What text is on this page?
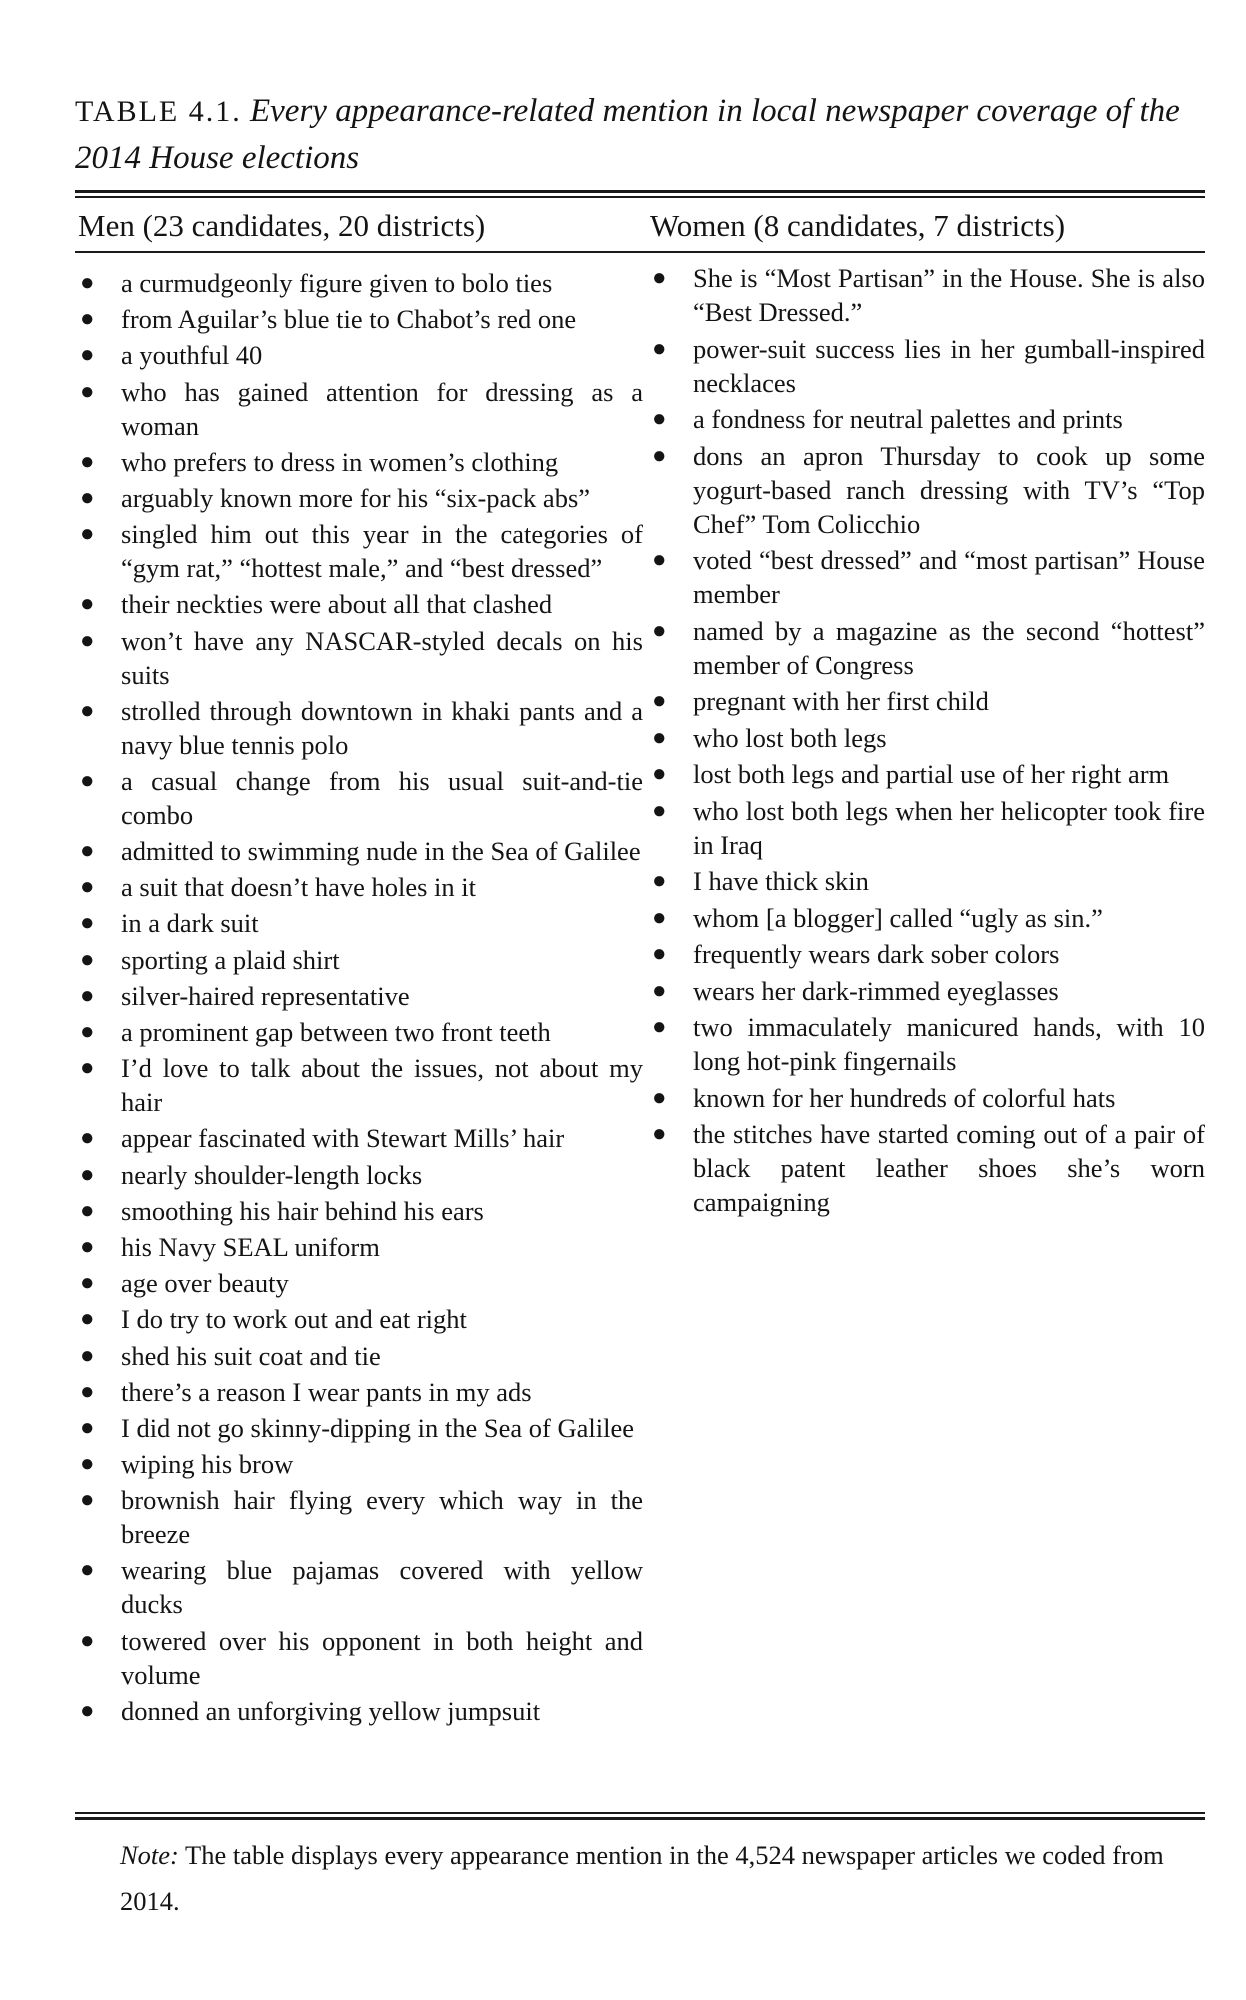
TABLE 4.1. Every appearance-related mention in local newspaper coverage of the 2014 House elections
Men (23 candidates, 20 districts)	Women (8 candidates, 7 districts)
● a curmudgeonly figure given to bolo ties
● from Aguilar’s blue tie to Chabot’s red one
● a youthful 40
● who has gained attention for dressing as a woman
● who prefers to dress in women’s clothing
● arguably known more for his “six-pack abs”
● singled him out this year in the categories of “gym rat,” “hottest male,” and “best dressed”
● their neckties were about all that clashed
● won’t have any NASCAR-styled decals on his suits
● strolled through downtown in khaki pants and a navy blue tennis polo
● a casual change from his usual suit-and-tie combo
● admitted to swimming nude in the Sea of Galilee
● a suit that doesn’t have holes in it
● in a dark suit
● sporting a plaid shirt
● silver-haired representative
● a prominent gap between two front teeth
● I’d love to talk about the issues, not about my hair
● appear fascinated with Stewart Mills’ hair
● nearly shoulder-length locks
● smoothing his hair behind his ears
● his Navy SEAL uniform
● age over beauty
● I do try to work out and eat right
● shed his suit coat and tie
● there’s a reason I wear pants in my ads
● I did not go skinny-dipping in the Sea of Galilee
● wiping his brow
● brownish hair flying every which way in the breeze
● wearing blue pajamas covered with yellow ducks
● towered over his opponent in both height and volume
● donned an unforgiving yellow jumpsuit
● She is “Most Partisan” in the House. She is also “Best Dressed.”
● power-suit success lies in her gumball-inspired necklaces
● a fondness for neutral palettes and prints
● dons an apron Thursday to cook up some yogurt-based ranch dressing with TV’s “Top Chef” Tom Colicchio
● voted “best dressed” and “most partisan” House member
● named by a magazine as the second “hottest” member of Congress
● pregnant with her first child
● who lost both legs
● lost both legs and partial use of her right arm
● who lost both legs when her helicopter took fire in Iraq
● I have thick skin
● whom [a blogger] called “ugly as sin.”
● frequently wears dark sober colors
● wears her dark-rimmed eyeglasses
● two immaculately manicured hands, with 10 long hot-pink fingernails
● known for her hundreds of colorful hats
● the stitches have started coming out of a pair of black patent leather shoes she’s worn campaigning
Note: The table displays every appearance mention in the 4,524 newspaper articles we coded from 2014.
